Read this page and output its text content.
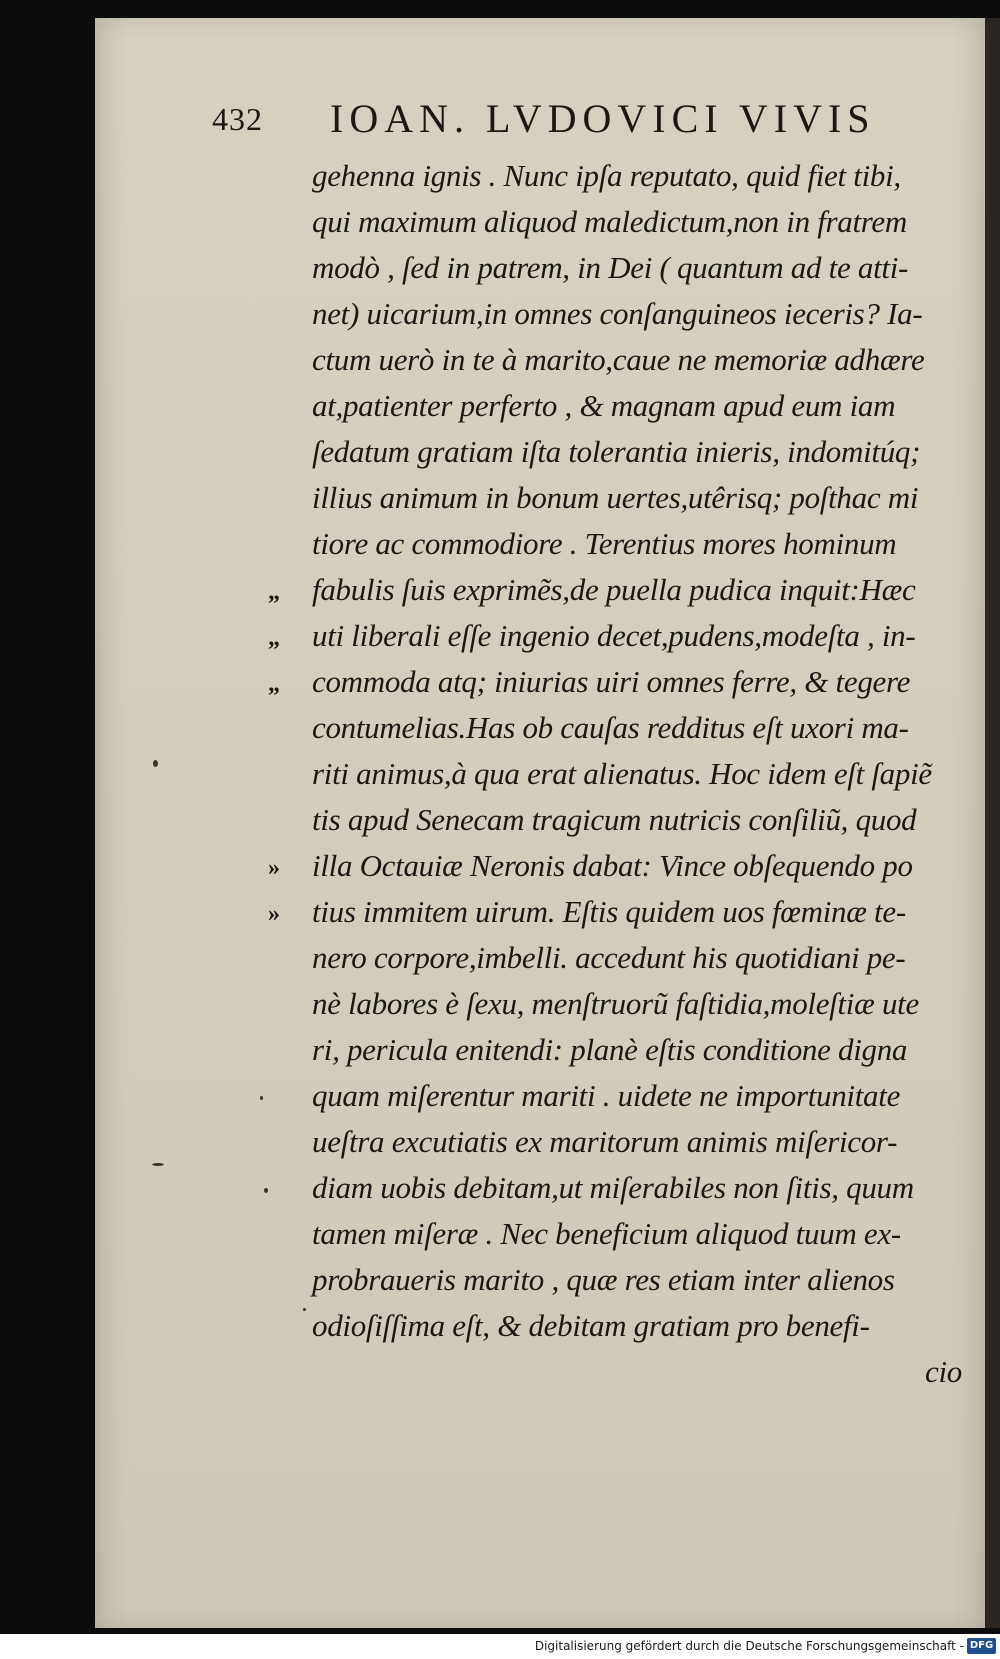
432 IOAN. LVDOVICI VIVIS
gehenna ignis . Nunc ipſa reputato, quid fiet tibi,
qui maximum aliquod maledictum,non in fratrem
modò , ſed in patrem, in Dei ( quantum ad te atti-
net) uicarium,in omnes conſanguineos ieceris? Ia-
ctum uerò in te à marito,caue ne memoriæ adhære
at,patienter perferto , & magnam apud eum iam
ſedatum gratiam iſta tolerantia inieris, indomitúq;
illius animum in bonum uertes,utêrisq; poſthac mi
tiore ac commodiore . Terentius mores hominum
„ fabulis ſuis exprimẽs,de puella pudica inquit:Hæc
„ uti liberali eſſe ingenio decet,pudens,modeſta , in-
„ commoda atq; iniurias uiri omnes ferre, & tegere
contumelias.Has ob cauſas redditus eſt uxori ma-
riti animus,à qua erat alienatus. Hoc idem eſt ſapiẽ
tis apud Senecam tragicum nutricis conſiliũ, quod
» illa Octauiæ Neronis dabat: Vince obſequendo po
» tius immitem uirum. Eſtis quidem uos fœminæ te-
nero corpore,imbelli. accedunt his quotidiani pe-
nè labores è ſexu, menſtruorũ faſtidia,moleſtiæ ute
ri, pericula enitendi: planè eſtis conditione digna
quam miſerentur mariti . uidete ne importunitate
ueſtra excutiatis ex maritorum animis miſericor-
diam uobis debitam,ut miſerabiles non ſitis, quum
tamen miſeræ . Nec beneficium aliquod tuum ex-
probraueris marito , quæ res etiam inter alienos
odioſiſſima eſt, & debitam gratiam pro benefi-
cio
Digitalisierung gefördert durch die Deutsche Forschungsgemeinschaft - DFG
